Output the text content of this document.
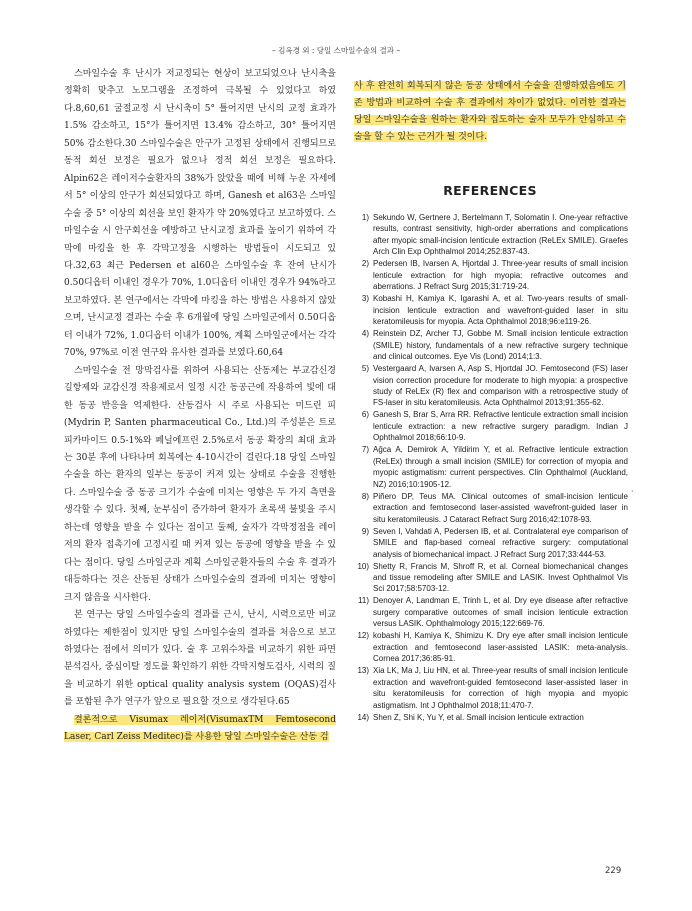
– 김옥경 외 : 당일 스마일수술의 결과 –

스마일수술 후 난시가 저교정되는 현상이 보고되었으나 난시축을 정확히 맞추고 노모그램을 조정하여 극복될 수 있었다고 하였다.8,60,61 굴절교정 시 난시축이 5° 틀어지면 난시의 교정 효과가 1.5% 감소하고, 15°가 틀어지면 13.4% 감소하고, 30° 틀어지면 50% 감소한다.30 스마일수술은 안구가 고정된 상태에서 진행되므로 동적 회선 보정은 필요가 없으나 정적 회선 보정은 필요하다. Alpin62은 레이저수술환자의 38%가 앉았을 때에 비해 누운 자세에서 5° 이상의 안구가 회선되었다고 하며, Ganesh et al63은 스마일수술 중 5° 이상의 회선을 보인 환자가 약 20%였다고 보고하였다. 스마일수술 시 안구회선을 예방하고 난시교정 효과를 높이기 위하여 각막에 마킹을 한 후 각막고정을 시행하는 방법들이 시도되고 있다.32,63 최근 Pedersen et al60은 스마일수술 후 잔여 난시가 0.50디옵터 이내인 경우가 70%, 1.0디옵터 이내인 경우가 94%라고 보고하였다. 본 연구에서는 각막에 마킹을 하는 방법은 사용하지 않았으며, 난시교정 결과는 수술 후 6개월에 당일 스마일군에서 0.50디옵터 이내가 72%, 1.0디옵터 이내가 100%, 계획 스마일군에서는 각각 70%, 97%로 이전 연구와 유사한 결과를 보였다.60,64

스마일수술 전 망막검사를 위하여 사용되는 산동제는 부교감신경 길항제와 교감신경 작용제로서 일정 시간 동공근에 작용하여 빛에 대한 동공 반응을 억제한다. 산동검사 시 주로 사용되는 미드린 피(Mydrin P, Santen pharmaceutical Co., Ltd.)의 주성분은 트로피카마이드 0.5-1%와 페닐에프린 2.5%로서 동공 확장의 최대 효과는 30분 후에 나타나며 회복에는 4-10시간이 걸린다.18 당일 스마일수술을 하는 환자의 일부는 동공이 커져 있는 상태로 수술을 진행한다. 스마일수술 중 동공 크기가 수술에 미치는 영향은 두 가지 측면을 생각할 수 있다. 첫째, 눈부심이 증가하여 환자가 초록색 불빛을 주시하는데 영향을 받을 수 있다는 점이고 둘째, 술자가 각막정점을 레이저의 환자 접촉기에 고정시킬 때 커져 있는 동공에 영향을 받을 수 있다는 점이다. 당일 스마일군과 계획 스마일군환자들의 수술 후 결과가 대등하다는 것은 산동된 상태가 스마일수술의 결과에 미치는 영향이 크지 않음을 시사한다.

본 연구는 당일 스마일수술의 결과를 근시, 난시, 시력으로만 비교하였다는 제한점이 있지만 당일 스마일수술의 결과를 처음으로 보고하였다는 점에서 의미가 있다. 술 후 고위수차를 비교하기 위한 파면분석검사, 중심이탈 정도를 확인하기 위한 각막지형도검사, 시력의 질을 비교하기 위한 optical quality analysis system (OQAS)검사를 포함된 추가 연구가 앞으로 필요할 것으로 생각된다.65

결론적으로 Visumax 레이저(VisumaxTM Femtosecond Laser, Carl Zeiss Meditec)를 사용한 당일 스마일수술은 산동 검

사 후 완전히 회복되지 않은 동공 상태에서 수술을 진행하였음에도 기존 방법과 비교하여 수술 후 결과에서 차이가 없었다. 이러한 결과는 당일 스마일수술을 원하는 환자와 집도하는 술자 모두가 안심하고 수술을 할 수 있는 근거가 될 것이다.
REFERENCES
1) Sekundo W, Gertnere J, Bertelmann T, Solomatin I. One-year refractive results, contrast sensitivity, high-order aberrations and complications after myopic small-incision lenticule extraction (ReLEx SMILE). Graefes Arch Clin Exp Ophthalmol 2014;252:837-43.
2) Pedersen IB, Ivarsen A, Hjortdal J. Three-year results of small incision lenticule extraction for high myopia: refractive outcomes and aberrations. J Refract Surg 2015;31:719-24.
3) Kobashi H, Kamiya K, Igarashi A, et al. Two-years results of small-incision lenticule extraction and wavefront-guided laser in situ keratomileusis for myopia. Acta Ophthalmol 2018;96:e119-26.
4) Reinstein DZ, Archer TJ, Gobbe M. Small incision lenticule extraction (SMILE) history, fundamentals of a new refractive surgery technique and clinical outcomes. Eye Vis (Lond) 2014;1:3.
5) Vestergaard A, Ivarsen A, Asp S, Hjortdal JO. Femtosecond (FS) laser vision correction procedure for moderate to high myopia: a prospective study of ReLEx (R) flex and comparison with a retrospective study of FS-laser in situ keratomileusis. Acta Ophthalmol 2013;91:355-62.
6) Ganesh S, Brar S, Arra RR. Refractive lenticule extraction small incision lenticule extraction: a new refractive surgery paradigm. Indian J Ophthalmol 2018;66:10-9.
7) Ağca A, Demirok A, Yildirim Y, et al. Refractive lenticule extraction (ReLEx) through a small incision (SMILE) for correction of myopia and myopic astigmatism: current perspectives. Clin Ophthalmol (Auckland, NZ) 2016;10:1905-12.
8) Piñero DP, Teus MA. Clinical outcomes of small-incision lenticule extraction and femtosecond laser-assisted wavefront-guided laser in situ keratomileusis. J Cataract Refract Surg 2016;42:1078-93.
9) Seven I, Vahdati A, Pedersen IB, et al. Contralateral eye comparison of SMILE and flap-based corneal refractive surgery: computational analysis of biomechanical impact. J Refract Surg 2017;33:444-53.
10) Shetty R, Francis M, Shroff R, et al. Corneal biomechanical changes and tissue remodeling after SMILE and LASIK. Invest Ophthalmol Vis Sci 2017;58:5703-12.
11) Denoyer A, Landman E, Trinh L, et al. Dry eye disease after refractive surgery comparative outcomes of small incision lenticule extraction versus LASIK. Ophthalmology 2015;122:669-76.
12) kobashi H, Kamiya K, Shimizu K. Dry eye after small incision lenticule extraction and femtosecond laser-assisted LASIK: meta-analysis. Cornea 2017;36:85-91.
13) Xia LK, Ma J, Liu HN, et al. Three-year results of small incision lenticule extraction and wavefront-guided femtosecond laser-assisted laser in situ keratomileusis for correction of high myopia and myopic astigmatism. Int J Ophthalmol 2018;11:470-7.
14) Shen Z, Shi K, Yu Y, et al. Small incision lenticule extraction
·
229
